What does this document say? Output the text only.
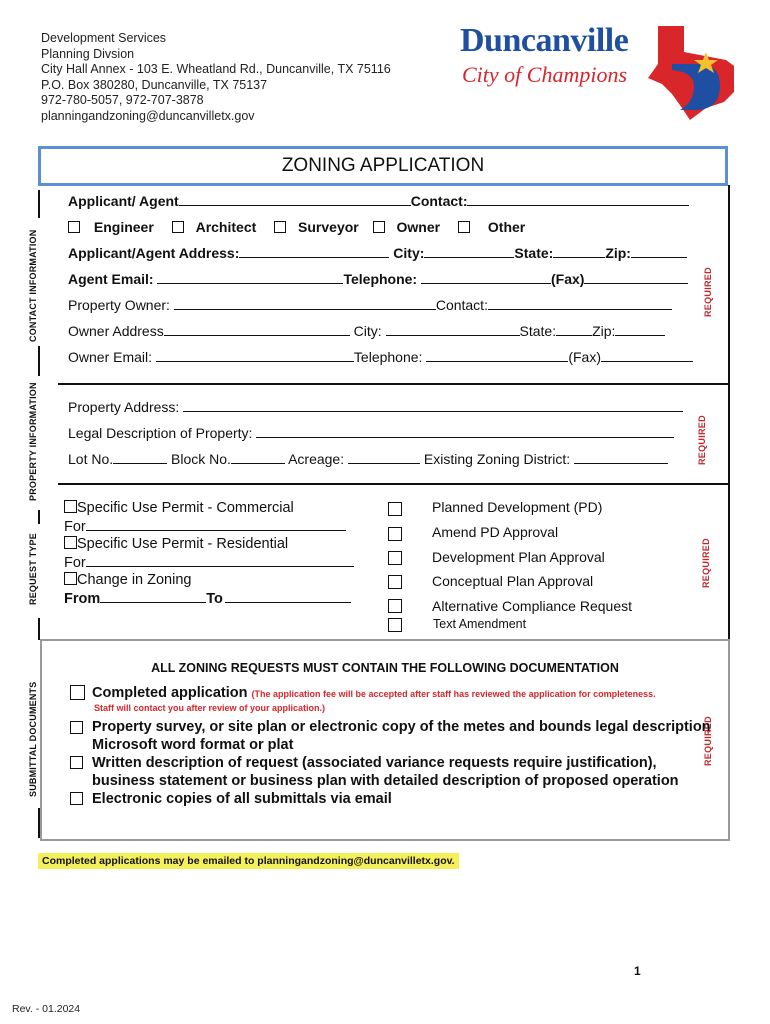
Development Services
Planning Divsion
City Hall Annex - 103 E. Wheatland Rd., Duncanville, TX 75116
P.O. Box 380280, Duncanville, TX 75137
972-780-5057, 972-707-3878
planningandzoning@duncanvilletx.gov
Duncanville
City of Champions
ZONING APPLICATION
CONTACT INFORMATION
PROPERTY INFORMATION
REQUEST TYPE
SUBMITTAL DOCUMENTS
REQUIRED
REQUIRED
REQUIRED
REQUIRED
Applicant/ Agent	Contact:
Engineer	Architect	Surveyor	Owner	Other
Applicant/Agent Address:	City:	State:	Zip:
Agent Email:	Telephone:	(Fax)
Property Owner:	Contact:
Owner Address	City:	State:	Zip:
Owner Email:	Telephone:	(Fax)
Property Address:
Legal Description of Property:
Lot No.	Block No.	Acreage:	Existing Zoning District:
Specific Use Permit - Commercial
For
Specific Use Permit - Residential
For
Change in Zoning
From	To
Planned Development (PD)
Amend PD Approval
Development Plan Approval
Conceptual Plan Approval
Alternative Compliance Request
Text Amendment
ALL ZONING REQUESTS MUST CONTAIN THE FOLLOWING DOCUMENTATION
Completed application (The application fee will be accepted after staff has reviewed the application for completeness.
Staff will contact you after review of your application.)
Property survey, or site plan or electronic copy of the metes and bounds legal description
Microsoft word format or plat
Written description of request (associated variance requests require justification),
business statement or business plan with detailed description of proposed operation
Electronic copies of all submittals via email
Completed applications may be emailed to planningandzoning@duncanvilletx.gov.
1
Rev. - 01.2024
